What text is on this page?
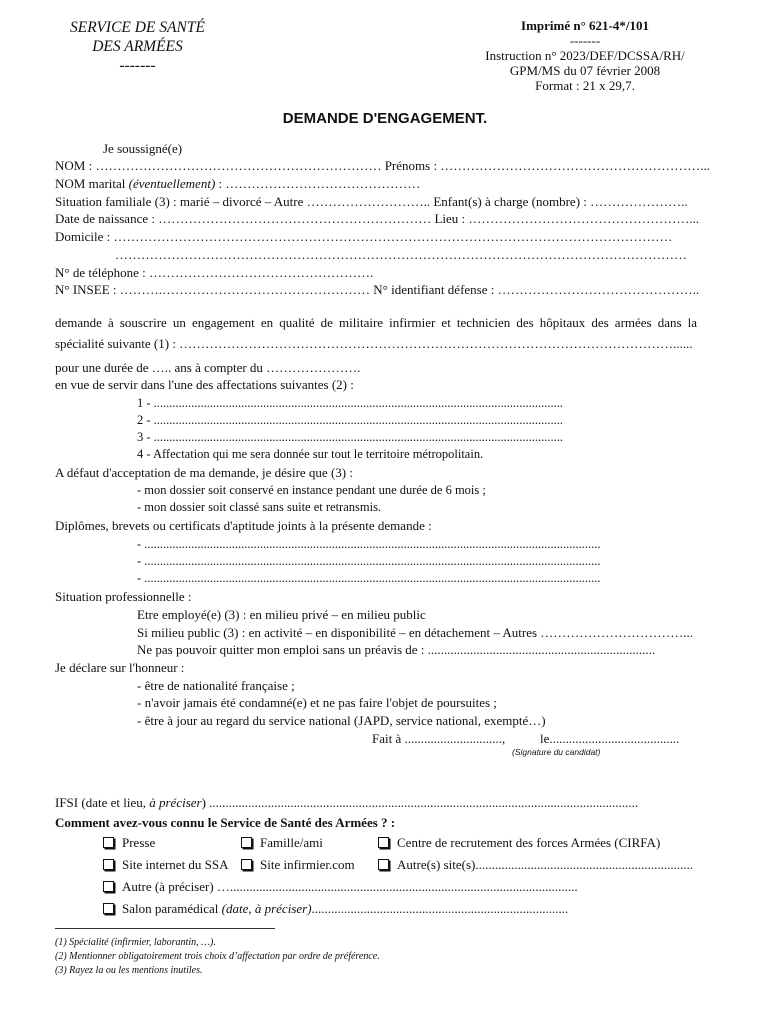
SERVICE DE SANTÉ
DES ARMÉES
-------
Imprimé n° 621-4*/101
-------
Instruction n° 2023/DEF/DCSSA/RH/
GPM/MS du 07 février 2008
Format : 21 x 29,7.
DEMANDE D'ENGAGEMENT.
Je soussigné(e)
NOM : ………………………………………………………… Prénoms : ……………………………………………………...
NOM marital (éventuellement) : ………………………………………
Situation familiale (3) : marié – divorcé – Autre ……………………….. Enfant(s) à charge (nombre) : …………………..
Date de naissance : ……………………………………………………… Lieu : ……………………………………………...
Domicile : …………………………………………………………………………………………………………………
……………………………………………………………………………………………………………………
N° de téléphone : …………………………………………….
N° INSEE : ……….………………………………………… N° identifiant défense : ………………………………………..
demande à souscrire un engagement en qualité de militaire infirmier et technicien des hôpitaux des armées dans la
spécialité suivante (1) : ……………………………………………………………………………………………………......
pour une durée de ….. ans à compter du ………………….
en vue de servir dans l'une des affectations suivantes (2) :
1 - ...................................................................................................................................
2 - ...................................................................................................................................
3 - ...................................................................................................................................
4 - Affectation qui me sera donnée sur tout le territoire métropolitain.
A défaut d'acceptation de ma demande, je désire que (3) :
- mon dossier soit conservé en instance pendant une durée de 6 mois ;
- mon dossier soit classé sans suite et retransmis.
Diplômes, brevets ou certificats d'aptitude joints à la présente demande :
- ..................................................................................................................................................
- ..................................................................................................................................................
- ..................................................................................................................................................
Situation professionnelle :
Etre employé(e) (3) : en milieu privé – en milieu public
Si milieu public (3) : en activité – en disponibilité – en détachement – Autres ……………………………...
Ne pas pouvoir quitter mon emploi sans un préavis de : ......................................................................
Je déclare sur l'honneur :
- être de nationalité française ;
- n'avoir jamais été condamné(e) et ne pas faire l'objet de poursuites ;
- être à jour au regard du service national (JAPD, service national, exempté…)
Fait à ..............................,	le........................................
(Signature du candidat)
IFSI (date et lieu, à préciser) ....................................................................................................................................
Comment avez-vous connu le Service de Santé des Armées ? :
Presse	Famille/ami	Centre de recrutement des forces Armées (CIRFA)
Site internet du SSA	Site infirmier.com	Autre(s) site(s)...................................................................
Autre (à préciser) …...........................................................................................................
Salon paramédical (date, à préciser)...............................................................................
(1) Spécialité (infirmier, laborantin, …).
(2) Mentionner obligatoirement trois choix d’affectation par ordre de préférence.
(3) Rayez la ou les mentions inutiles.
